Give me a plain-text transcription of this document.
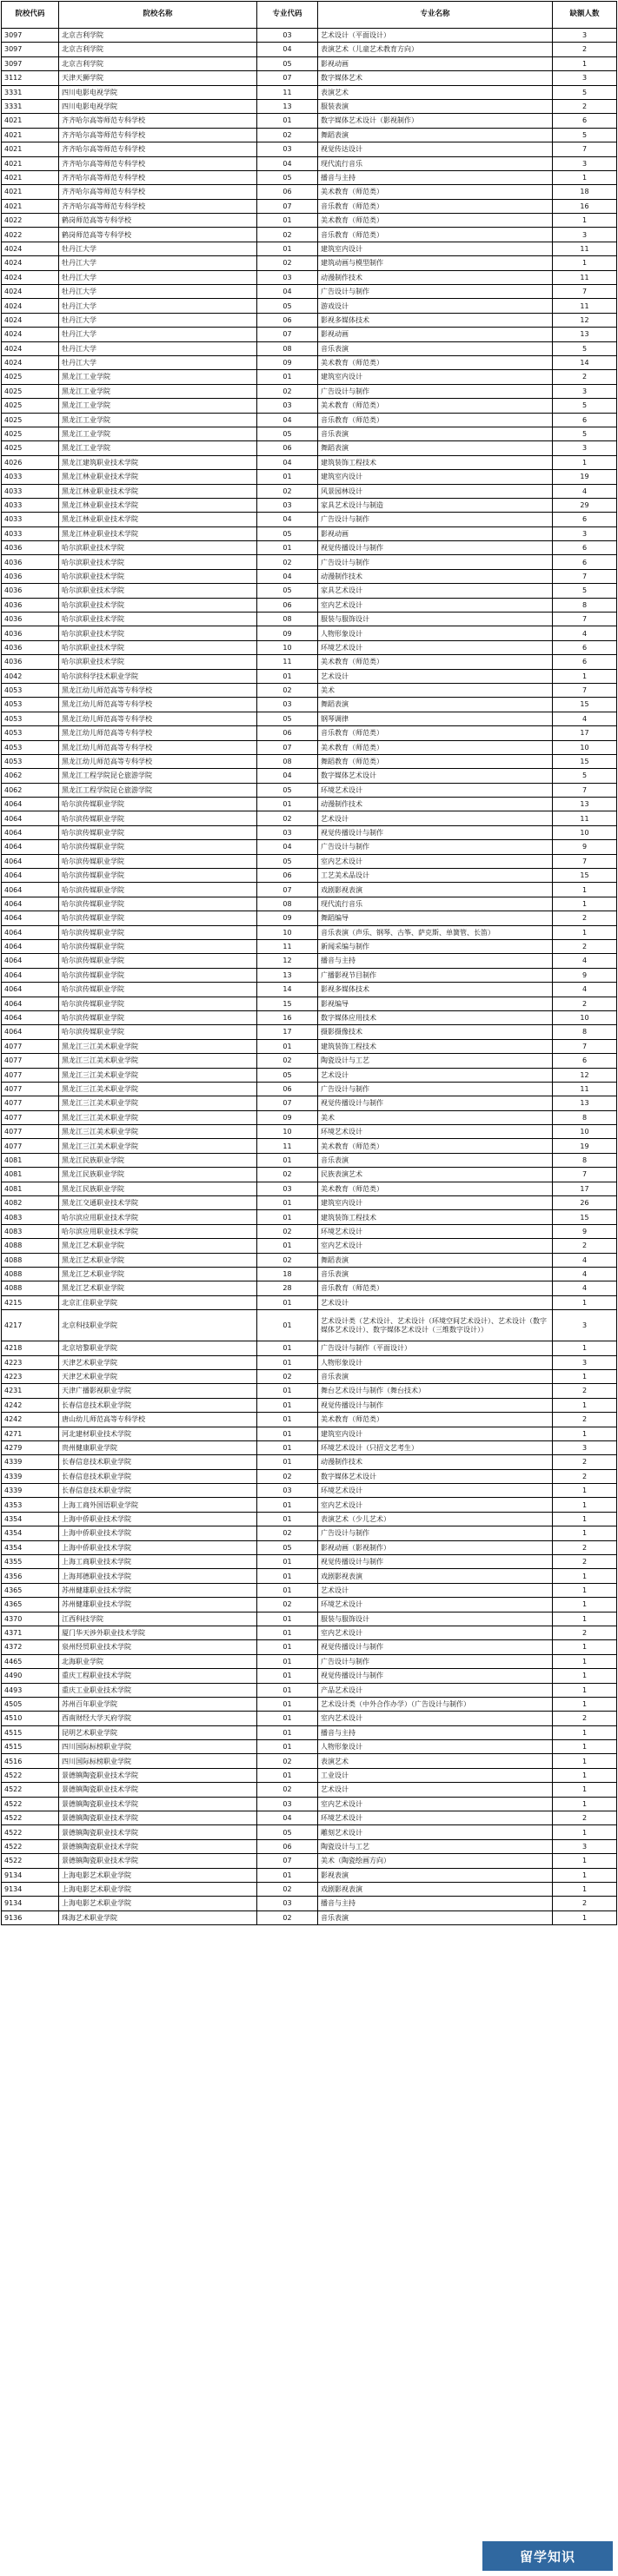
院校代码	院校名称	专业代码	专业名称	缺额人数
3097	北京吉利学院	03	艺术设计（平面设计）	3
3097	北京吉利学院	04	表演艺术（儿童艺术教育方向）	2
3097	北京吉利学院	05	影视动画	1
3112	天津天狮学院	07	数字媒体艺术	3
3331	四川电影电视学院	11	表演艺术	5
3331	四川电影电视学院	13	服装表演	2
4021	齐齐哈尔高等师范专科学校	01	数字媒体艺术设计（影视制作）	6
4021	齐齐哈尔高等师范专科学校	02	舞蹈表演	5
4021	齐齐哈尔高等师范专科学校	03	视觉传达设计	7
4021	齐齐哈尔高等师范专科学校	04	现代流行音乐	3
4021	齐齐哈尔高等师范专科学校	05	播音与主持	1
4021	齐齐哈尔高等师范专科学校	06	美术教育（师范类）	18
4021	齐齐哈尔高等师范专科学校	07	音乐教育（师范类）	16
4022	鹤岗师范高等专科学校	01	美术教育（师范类）	1
4022	鹤岗师范高等专科学校	02	音乐教育（师范类）	3
4024	牡丹江大学	01	建筑室内设计	11
4024	牡丹江大学	02	建筑动画与模型制作	1
4024	牡丹江大学	03	动漫制作技术	11
4024	牡丹江大学	04	广告设计与制作	7
4024	牡丹江大学	05	游戏设计	11
4024	牡丹江大学	06	影视多媒体技术	12
4024	牡丹江大学	07	影视动画	13
4024	牡丹江大学	08	音乐表演	5
4024	牡丹江大学	09	美术教育（师范类）	14
4025	黑龙江工业学院	01	建筑室内设计	2
4025	黑龙江工业学院	02	广告设计与制作	3
4025	黑龙江工业学院	03	美术教育（师范类）	5
4025	黑龙江工业学院	04	音乐教育（师范类）	6
4025	黑龙江工业学院	05	音乐表演	5
4025	黑龙江工业学院	06	舞蹈表演	3
4026	黑龙江建筑职业技术学院	04	建筑装饰工程技术	1
4033	黑龙江林业职业技术学院	01	建筑室内设计	19
4033	黑龙江林业职业技术学院	02	风景园林设计	4
4033	黑龙江林业职业技术学院	03	家具艺术设计与制造	29
4033	黑龙江林业职业技术学院	04	广告设计与制作	6
4033	黑龙江林业职业技术学院	05	影视动画	3
4036	哈尔滨职业技术学院	01	视觉传播设计与制作	6
4036	哈尔滨职业技术学院	02	广告设计与制作	6
4036	哈尔滨职业技术学院	04	动漫制作技术	7
4036	哈尔滨职业技术学院	05	家具艺术设计	5
4036	哈尔滨职业技术学院	06	室内艺术设计	8
4036	哈尔滨职业技术学院	08	服装与服饰设计	7
4036	哈尔滨职业技术学院	09	人物形象设计	4
4036	哈尔滨职业技术学院	10	环境艺术设计	6
4036	哈尔滨职业技术学院	11	美术教育（师范类）	6
4042	哈尔滨科学技术职业学院	01	艺术设计	1
4053	黑龙江幼儿师范高等专科学校	02	美术	7
4053	黑龙江幼儿师范高等专科学校	03	舞蹈表演	15
4053	黑龙江幼儿师范高等专科学校	05	钢琴调律	4
4053	黑龙江幼儿师范高等专科学校	06	音乐教育（师范类）	17
4053	黑龙江幼儿师范高等专科学校	07	美术教育（师范类）	10
4053	黑龙江幼儿师范高等专科学校	08	舞蹈教育（师范类）	15
4062	黑龙江工程学院昆仑旅游学院	04	数字媒体艺术设计	5
4062	黑龙江工程学院昆仑旅游学院	05	环境艺术设计	7
4064	哈尔滨传媒职业学院	01	动漫制作技术	13
4064	哈尔滨传媒职业学院	02	艺术设计	11
4064	哈尔滨传媒职业学院	03	视觉传播设计与制作	10
4064	哈尔滨传媒职业学院	04	广告设计与制作	9
4064	哈尔滨传媒职业学院	05	室内艺术设计	7
4064	哈尔滨传媒职业学院	06	工艺美术品设计	15
4064	哈尔滨传媒职业学院	07	戏剧影视表演	1
4064	哈尔滨传媒职业学院	08	现代流行音乐	1
4064	哈尔滨传媒职业学院	09	舞蹈编导	2
4064	哈尔滨传媒职业学院	10	音乐表演（声乐、钢琴、古筝、萨克斯、单簧管、长笛）	1
4064	哈尔滨传媒职业学院	11	新闻采编与制作	2
4064	哈尔滨传媒职业学院	12	播音与主持	4
4064	哈尔滨传媒职业学院	13	广播影视节目制作	9
4064	哈尔滨传媒职业学院	14	影视多媒体技术	4
4064	哈尔滨传媒职业学院	15	影视编导	2
4064	哈尔滨传媒职业学院	16	数字媒体应用技术	10
4064	哈尔滨传媒职业学院	17	摄影摄像技术	8
4077	黑龙江三江美术职业学院	01	建筑装饰工程技术	7
4077	黑龙江三江美术职业学院	02	陶瓷设计与工艺	6
4077	黑龙江三江美术职业学院	05	艺术设计	12
4077	黑龙江三江美术职业学院	06	广告设计与制作	11
4077	黑龙江三江美术职业学院	07	视觉传播设计与制作	13
4077	黑龙江三江美术职业学院	09	美术	8
4077	黑龙江三江美术职业学院	10	环境艺术设计	10
4077	黑龙江三江美术职业学院	11	美术教育（师范类）	19
4081	黑龙江民族职业学院	01	音乐表演	8
4081	黑龙江民族职业学院	02	民族表演艺术	7
4081	黑龙江民族职业学院	03	美术教育（师范类）	17
4082	黑龙江交通职业技术学院	01	建筑室内设计	26
4083	哈尔滨应用职业技术学院	01	建筑装饰工程技术	15
4083	哈尔滨应用职业技术学院	02	环境艺术设计	9
4088	黑龙江艺术职业学院	01	室内艺术设计	2
4088	黑龙江艺术职业学院	02	舞蹈表演	4
4088	黑龙江艺术职业学院	18	音乐表演	4
4088	黑龙江艺术职业学院	28	音乐教育（师范类）	4
4215	北京汇佳职业学院	01	艺术设计	1
4217	北京科技职业学院	01	艺术设计类（艺术设计、艺术设计（环境空间艺术设计）、艺术设计（数字媒体艺术设计）、数字媒体艺术设计（三维数字设计））	3
4218	北京培黎职业学院	01	广告设计与制作（平面设计）	1
4223	天津艺术职业学院	01	人物形象设计	3
4223	天津艺术职业学院	02	音乐表演	1
4231	天津广播影视职业学院	01	舞台艺术设计与制作（舞台技术）	2
4242	长春信息技术职业学院	01	视觉传播设计与制作	1
4242	唐山幼儿师范高等专科学校	01	美术教育（师范类）	2
4271	河北建材职业技术学院	01	建筑室内设计	1
4279	贵州健康职业学院	01	环境艺术设计（只招文艺考生）	3
4339	长春信息技术职业学院	01	动漫制作技术	2
4339	长春信息技术职业学院	02	数字媒体艺术设计	2
4339	长春信息技术职业学院	03	环境艺术设计	1
4353	上海工商外国语职业学院	01	室内艺术设计	1
4354	上海中侨职业技术学院	01	表演艺术（少儿艺术）	1
4354	上海中侨职业技术学院	02	广告设计与制作	1
4354	上海中侨职业技术学院	05	影视动画（影视制作）	2
4355	上海工商职业技术学院	01	视觉传播设计与制作	2
4356	上海邦德职业技术学院	01	戏剧影视表演	1
4365	苏州健雄职业技术学院	01	艺术设计	1
4365	苏州健雄职业技术学院	02	环境艺术设计	1
4370	江西科技学院	01	服装与服饰设计	1
4371	厦门华天涉外职业技术学院	01	室内艺术设计	2
4372	泉州经贸职业技术学院	01	视觉传播设计与制作	1
4465	北海职业学院	01	广告设计与制作	1
4490	重庆工程职业技术学院	01	视觉传播设计与制作	1
4493	重庆工业职业技术学院	01	产品艺术设计	1
4505	苏州百年职业学院	01	艺术设计类（中外合作办学）（广告设计与制作）	1
4510	西南财经大学天府学院	01	室内艺术设计	2
4515	昆明艺术职业学院	01	播音与主持	1
4515	四川国际标榜职业学院	01	人物形象设计	1
4516	四川国际标榜职业学院	02	表演艺术	1
4522	景德镇陶瓷职业技术学院	01	工业设计	1
4522	景德镇陶瓷职业技术学院	02	艺术设计	1
4522	景德镇陶瓷职业技术学院	03	室内艺术设计	1
4522	景德镇陶瓷职业技术学院	04	环境艺术设计	2
4522	景德镇陶瓷职业技术学院	05	雕刻艺术设计	1
4522	景德镇陶瓷职业技术学院	06	陶瓷设计与工艺	3
4522	景德镇陶瓷职业技术学院	07	美术（陶瓷绘画方向）	1
9134	上海电影艺术职业学院	01	影视表演	1
9134	上海电影艺术职业学院	02	戏剧影视表演	1
9134	上海电影艺术职业学院	03	播音与主持	2
9136	珠海艺术职业学院	02	音乐表演	1
留学知识
